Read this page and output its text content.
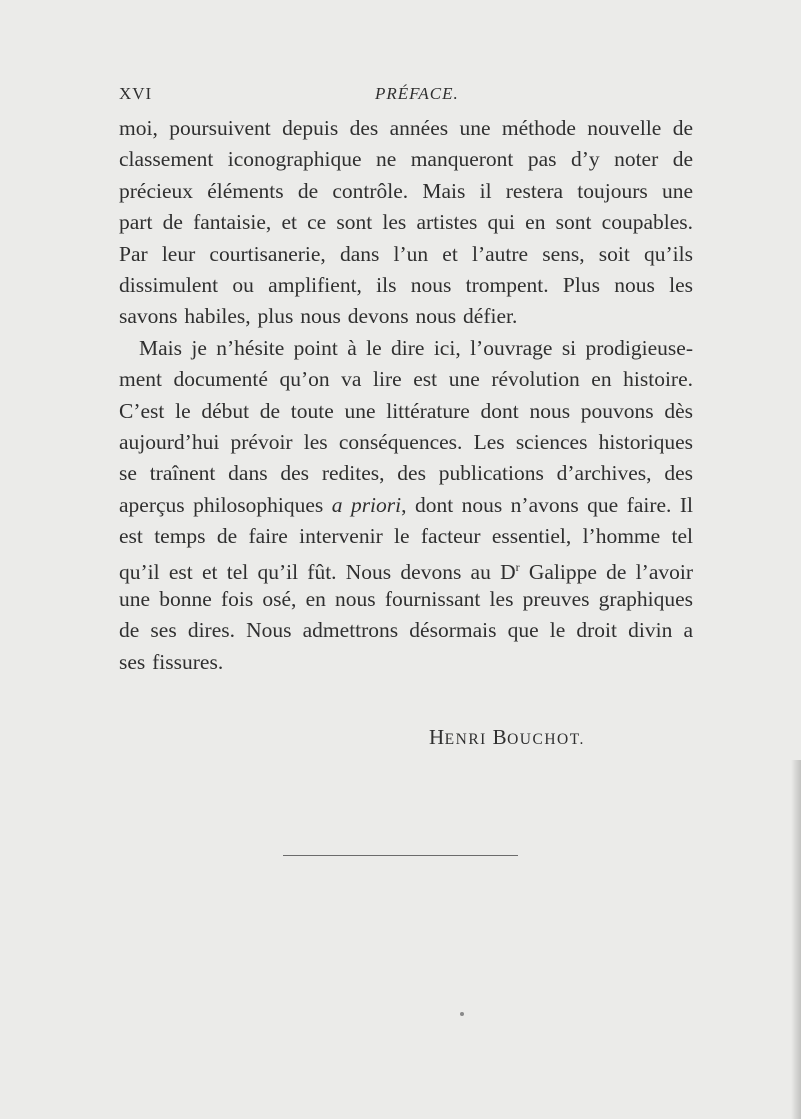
XVI	PRÉFACE.
moi, poursuivent depuis des années une méthode nouvelle de
classement iconographique ne manqueront pas d’y noter de
précieux éléments de contrôle. Mais il restera toujours une
part de fantaisie, et ce sont les artistes qui en sont coupables.
Par leur courtisanerie, dans l’un et l’autre sens, soit qu’ils
dissimulent ou amplifient, ils nous trompent. Plus nous les
savons habiles, plus nous devons nous défier.
Mais je n’hésite point à le dire ici, l’ouvrage si prodigieuse-
ment documenté qu’on va lire est une révolution en histoire.
C’est le début de toute une littérature dont nous pouvons dès
aujourd’hui prévoir les conséquences. Les sciences historiques
se traînent dans des redites, des publications d’archives, des
aperçus philosophiques a priori, dont nous n’avons que faire. Il
est temps de faire intervenir le facteur essentiel, l’homme tel
qu’il est et tel qu’il fût. Nous devons au $D^r$ Galippe de l’avoir
une bonne fois osé, en nous fournissant les preuves graphiques
de ses dires. Nous admettrons désormais que le droit divin a
ses fissures.
HENRI BOUCHOT.
